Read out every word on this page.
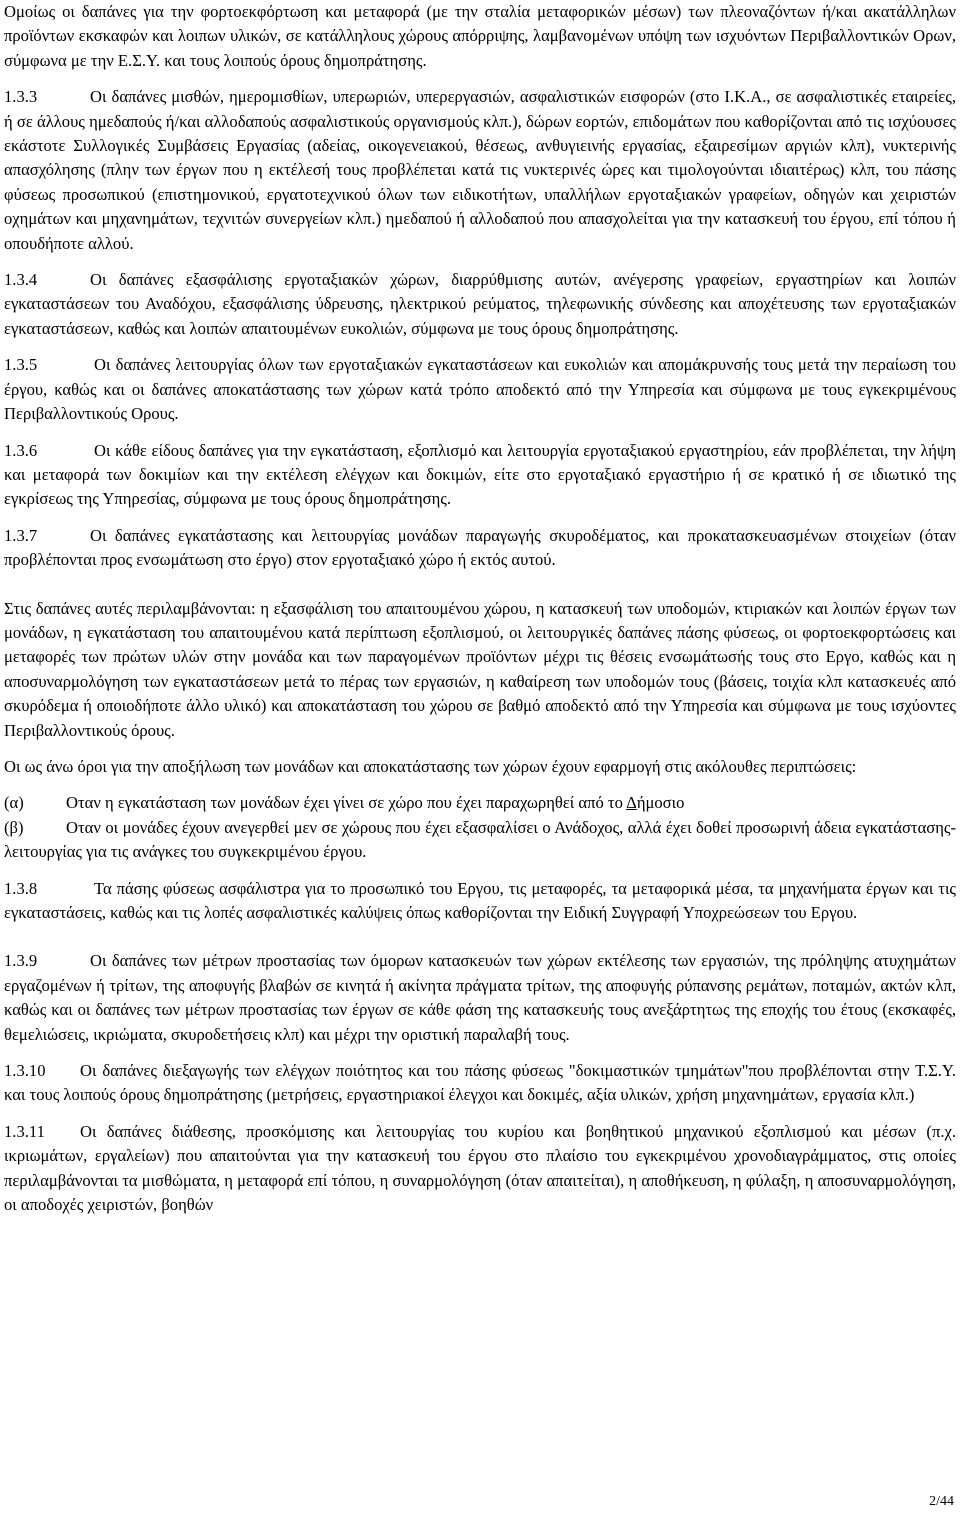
Ομοίως οι δαπάνες για την φορτοεκφόρτωση και μεταφορά (με την σταλία μεταφορικών μέσων) των πλεοναζόντων ή/και ακατάλληλων προϊόντων εκσκαφών και λοιπων υλικών, σε κατάλληλους χώρους απόρριψης, λαμβανομένων υπόψη των ισχυόντων Περιβαλλοντικών Ορων, σύμφωνα με την Ε.Σ.Υ. και τους λοιπούς όρους δημοπράτησης.

1.3.3	Οι δαπάνες μισθών, ημερομισθίων, υπερωριών, υπερεργασιών, ασφαλιστικών εισφορών (στο Ι.Κ.Α., σε ασφαλιστικές εταιρείες, ή σε άλλους ημεδαπούς ή/και αλλοδαπούς ασφαλιστικούς οργανισμούς κλπ.), δώρων εορτών, επιδομάτων που καθορίζονται από τις ισχύουσες εκάστοτε Συλλογικές Συμβάσεις Εργασίας (αδείας, οικογενειακού, θέσεως, ανθυγιεινής εργασίας, εξαιρεσίμων αργιών κλπ), νυκτερινής απασχόλησης (πλην των έργων που η εκτέλεσή τους προβλέπεται κατά τις νυκτερινές ώρες και τιμολογούνται ιδιαιτέρως) κλπ, του πάσης φύσεως προσωπικού (επιστημονικού, εργατοτεχνικού όλων των ειδικοτήτων, υπαλλήλων εργοταξιακών γραφείων, οδηγών και χειριστών οχημάτων και μηχανημάτων, τεχνιτών συνεργείων κλπ.) ημεδαπού ή αλλοδαπού που απασχολείται για την κατασκευή του έργου, επί τόπου ή οπουδήποτε αλλού.

1.3.4	Οι δαπάνες εξασφάλισης εργοταξιακών χώρων, διαρρύθμισης αυτών, ανέγερσης γραφείων, εργαστηρίων και λοιπών εγκαταστάσεων του Αναδόχου, εξασφάλισης ύδρευσης, ηλεκτρικού ρεύματος, τηλεφωνικής σύνδεσης και αποχέτευσης των εργοταξιακών εγκαταστάσεων, καθώς και λοιπών απαιτουμένων ευκολιών, σύμφωνα με τους όρους δημοπράτησης.

1.3.5	Οι δαπάνες λειτουργίας όλων των εργοταξιακών εγκαταστάσεων και ευκολιών και απομάκρυνσής τους μετά την περαίωση του έργου, καθώς και οι δαπάνες αποκατάστασης των χώρων κατά τρόπο αποδεκτό από την Υπηρεσία και σύμφωνα με τους εγκεκριμένους Περιβαλλοντικούς Ορους.

1.3.6	Οι κάθε είδους δαπάνες για την εγκατάσταση, εξοπλισμό και λειτουργία εργοταξιακού εργαστηρίου, εάν προβλέπεται, την λήψη και μεταφορά των δοκιμίων και την εκτέλεση ελέγχων και δοκιμών, είτε στο εργοταξιακό εργαστήριο ή σε κρατικό ή σε ιδιωτικό της εγκρίσεως της Υπηρεσίας, σύμφωνα με τους όρους δημοπράτησης.

1.3.7	Οι δαπάνες εγκατάστασης και λειτουργίας μονάδων παραγωγής σκυροδέματος, και προκατασκευασμένων στοιχείων (όταν προβλέπονται προς ενσωμάτωση στο έργο) στον εργοταξιακό χώρο ή εκτός αυτού.

Στις δαπάνες αυτές περιλαμβάνονται: η εξασφάλιση του απαιτουμένου χώρου, η κατασκευή των υποδομών, κτιριακών και λοιπών έργων των μονάδων, η εγκατάσταση του απαιτουμένου κατά περίπτωση εξοπλισμού, οι λειτουργικές δαπάνες πάσης φύσεως, οι φορτοεκφορτώσεις και μεταφορές των πρώτων υλών στην μονάδα και των παραγομένων προϊόντων μέχρι τις θέσεις ενσωμάτωσής τους στο Εργο, καθώς και η αποσυναρμολόγηση των εγκαταστάσεων μετά το πέρας των εργασιών, η καθαίρεση των υποδομών τους (βάσεις, τοιχία κλπ κατασκευές από σκυρόδεμα ή οποιοδήποτε άλλο υλικό) και αποκατάσταση του χώρου σε βαθμό αποδεκτό από την Υπηρεσία και σύμφωνα με τους ισχύοντες Περιβαλλοντικούς όρους.

Οι ως άνω όροι για την αποξήλωση των μονάδων και αποκατάστασης των χώρων έχουν εφαρμογή στις ακόλουθες περιπτώσεις:

(α)	Οταν η εγκατάσταση των μονάδων έχει γίνει σε χώρο που έχει παραχωρηθεί από το Δήμοσιο
(β)	Οταν οι μονάδες έχουν ανεγερθεί μεν σε χώρους που έχει εξασφαλίσει ο Ανάδοχος, αλλά έχει δοθεί προσωρινή άδεια εγκατάστασης-λειτουργίας για τις ανάγκες του συγκεκριμένου έργου.

1.3.8	Τα πάσης φύσεως ασφάλιστρα για το προσωπικό του Εργου, τις μεταφορές, τα μεταφορικά μέσα, τα μηχανήματα έργων και τις εγκαταστάσεις, καθώς και τις λοπές ασφαλιστικές καλύψεις όπως καθορίζονται την Ειδική Συγγραφή Υποχρεώσεων του Εργου.

1.3.9	Οι δαπάνες των μέτρων προστασίας των όμορων κατασκευών των χώρων εκτέλεσης των εργασιών, της πρόληψης ατυχημάτων εργαζομένων ή τρίτων, της αποφυγής βλαβών σε κινητά ή ακίνητα πράγματα τρίτων, της αποφυγής ρύπανσης ρεμάτων, ποταμών, ακτών κλπ, καθώς και οι δαπάνες των μέτρων προστασίας των έργων σε κάθε φάση της κατασκευής τους ανεξάρτητως της εποχής του έτους (εκσκαφές, θεμελιώσεις, ικριώματα, σκυροδετήσεις κλπ) και μέχρι την οριστική παραλαβή τους.

1.3.10 Οι δαπάνες διεξαγωγής των ελέγχων ποιότητος και του πάσης φύσεως "δοκιμαστικών τμημάτων"που προβλέπονται στην Τ.Σ.Υ. και τους λοιπούς όρους δημοπράτησης (μετρήσεις, εργαστηριακοί έλεγχοι και δοκιμές, αξία υλικών, χρήση μηχανημάτων, εργασία κλπ.)

1.3.11 Οι δαπάνες διάθεσης, προσκόμισης και λειτουργίας του κυρίου και βοηθητικού μηχανικού εξοπλισμού και μέσων (π.χ. ικριωμάτων, εργαλείων) που απαιτούνται για την κατασκευή του έργου στο πλαίσιο του εγκεκριμένου χρονοδιαγράμματος, στις οποίες περιλαμβάνονται τα μισθώματα, η μεταφορά επί τόπου, η συναρμολόγηση (όταν απαιτείται), η αποθήκευση, η φύλαξη, η αποσυναρμολόγηση, οι αποδοχές χειριστών, βοηθών

2/44
